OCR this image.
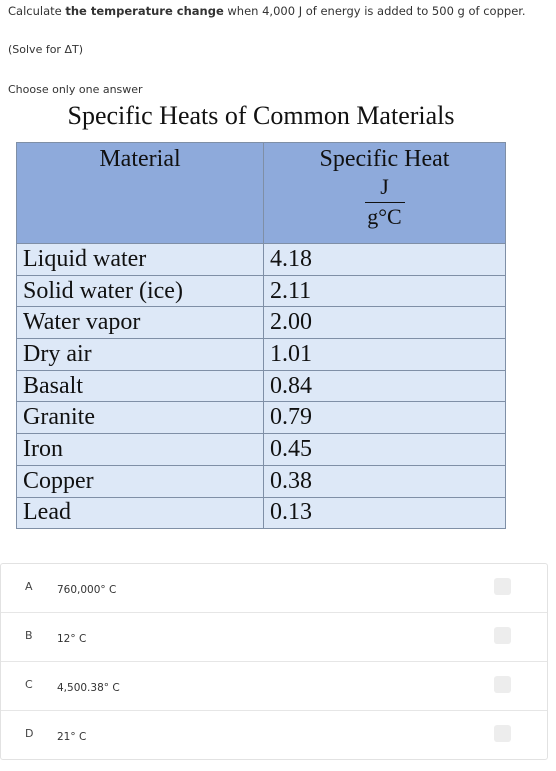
Calculate the temperature change when 4,000 J of energy is added to 500 g of copper.
(Solve for ΔT)
Choose only one answer
Specific Heats of Common Materials
Material	Specific Heat
J
g°C

Liquid water	4.18
Solid water (ice)	2.11
Water vapor	2.00
Dry air	1.01
Basalt	0.84
Granite	0.79
Iron	0.45
Copper	0.38
Lead	0.13
A 760,000° C
B 12° C
C 4,500.38° C
D 21° C
